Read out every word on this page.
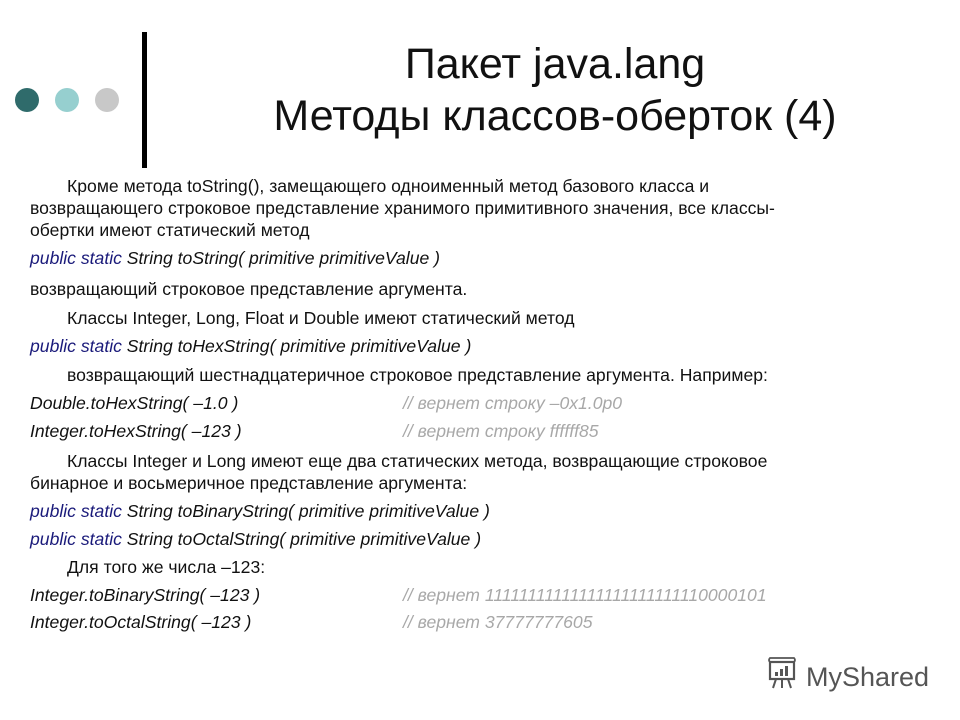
Пакет java.lang
Методы классов-оберток (4)
Кроме метода toString(), замещающего одноименный метод базового класса и
возвращающего строковое представление хранимого примитивного значения, все классы-
обертки имеют статический метод
public static String toString( primitive primitiveValue )
возвращающий строковое представление аргумента.
Классы Integer, Long, Float и Double имеют статический метод
public static String toHexString( primitive primitiveValue )
возвращающий шестнадцатеричное строковое представление аргумента. Например:
Double.toHexString( –1.0 )	// вернет строку –0x1.0p0
Integer.toHexString( –123 )	// вернет строку ffffff85
Классы Integer и Long имеют еще два статических метода, возвращающие строковое
бинарное и восьмеричное представление аргумента:
public static String toBinaryString( primitive primitiveValue )
public static String toOctalString( primitive primitiveValue )
Для того же числа –123:
Integer.toBinaryString( –123 )	// вернет 11111111111111111111111110000101
Integer.toOctalString( –123 )	// вернет 37777777605
MyShared
